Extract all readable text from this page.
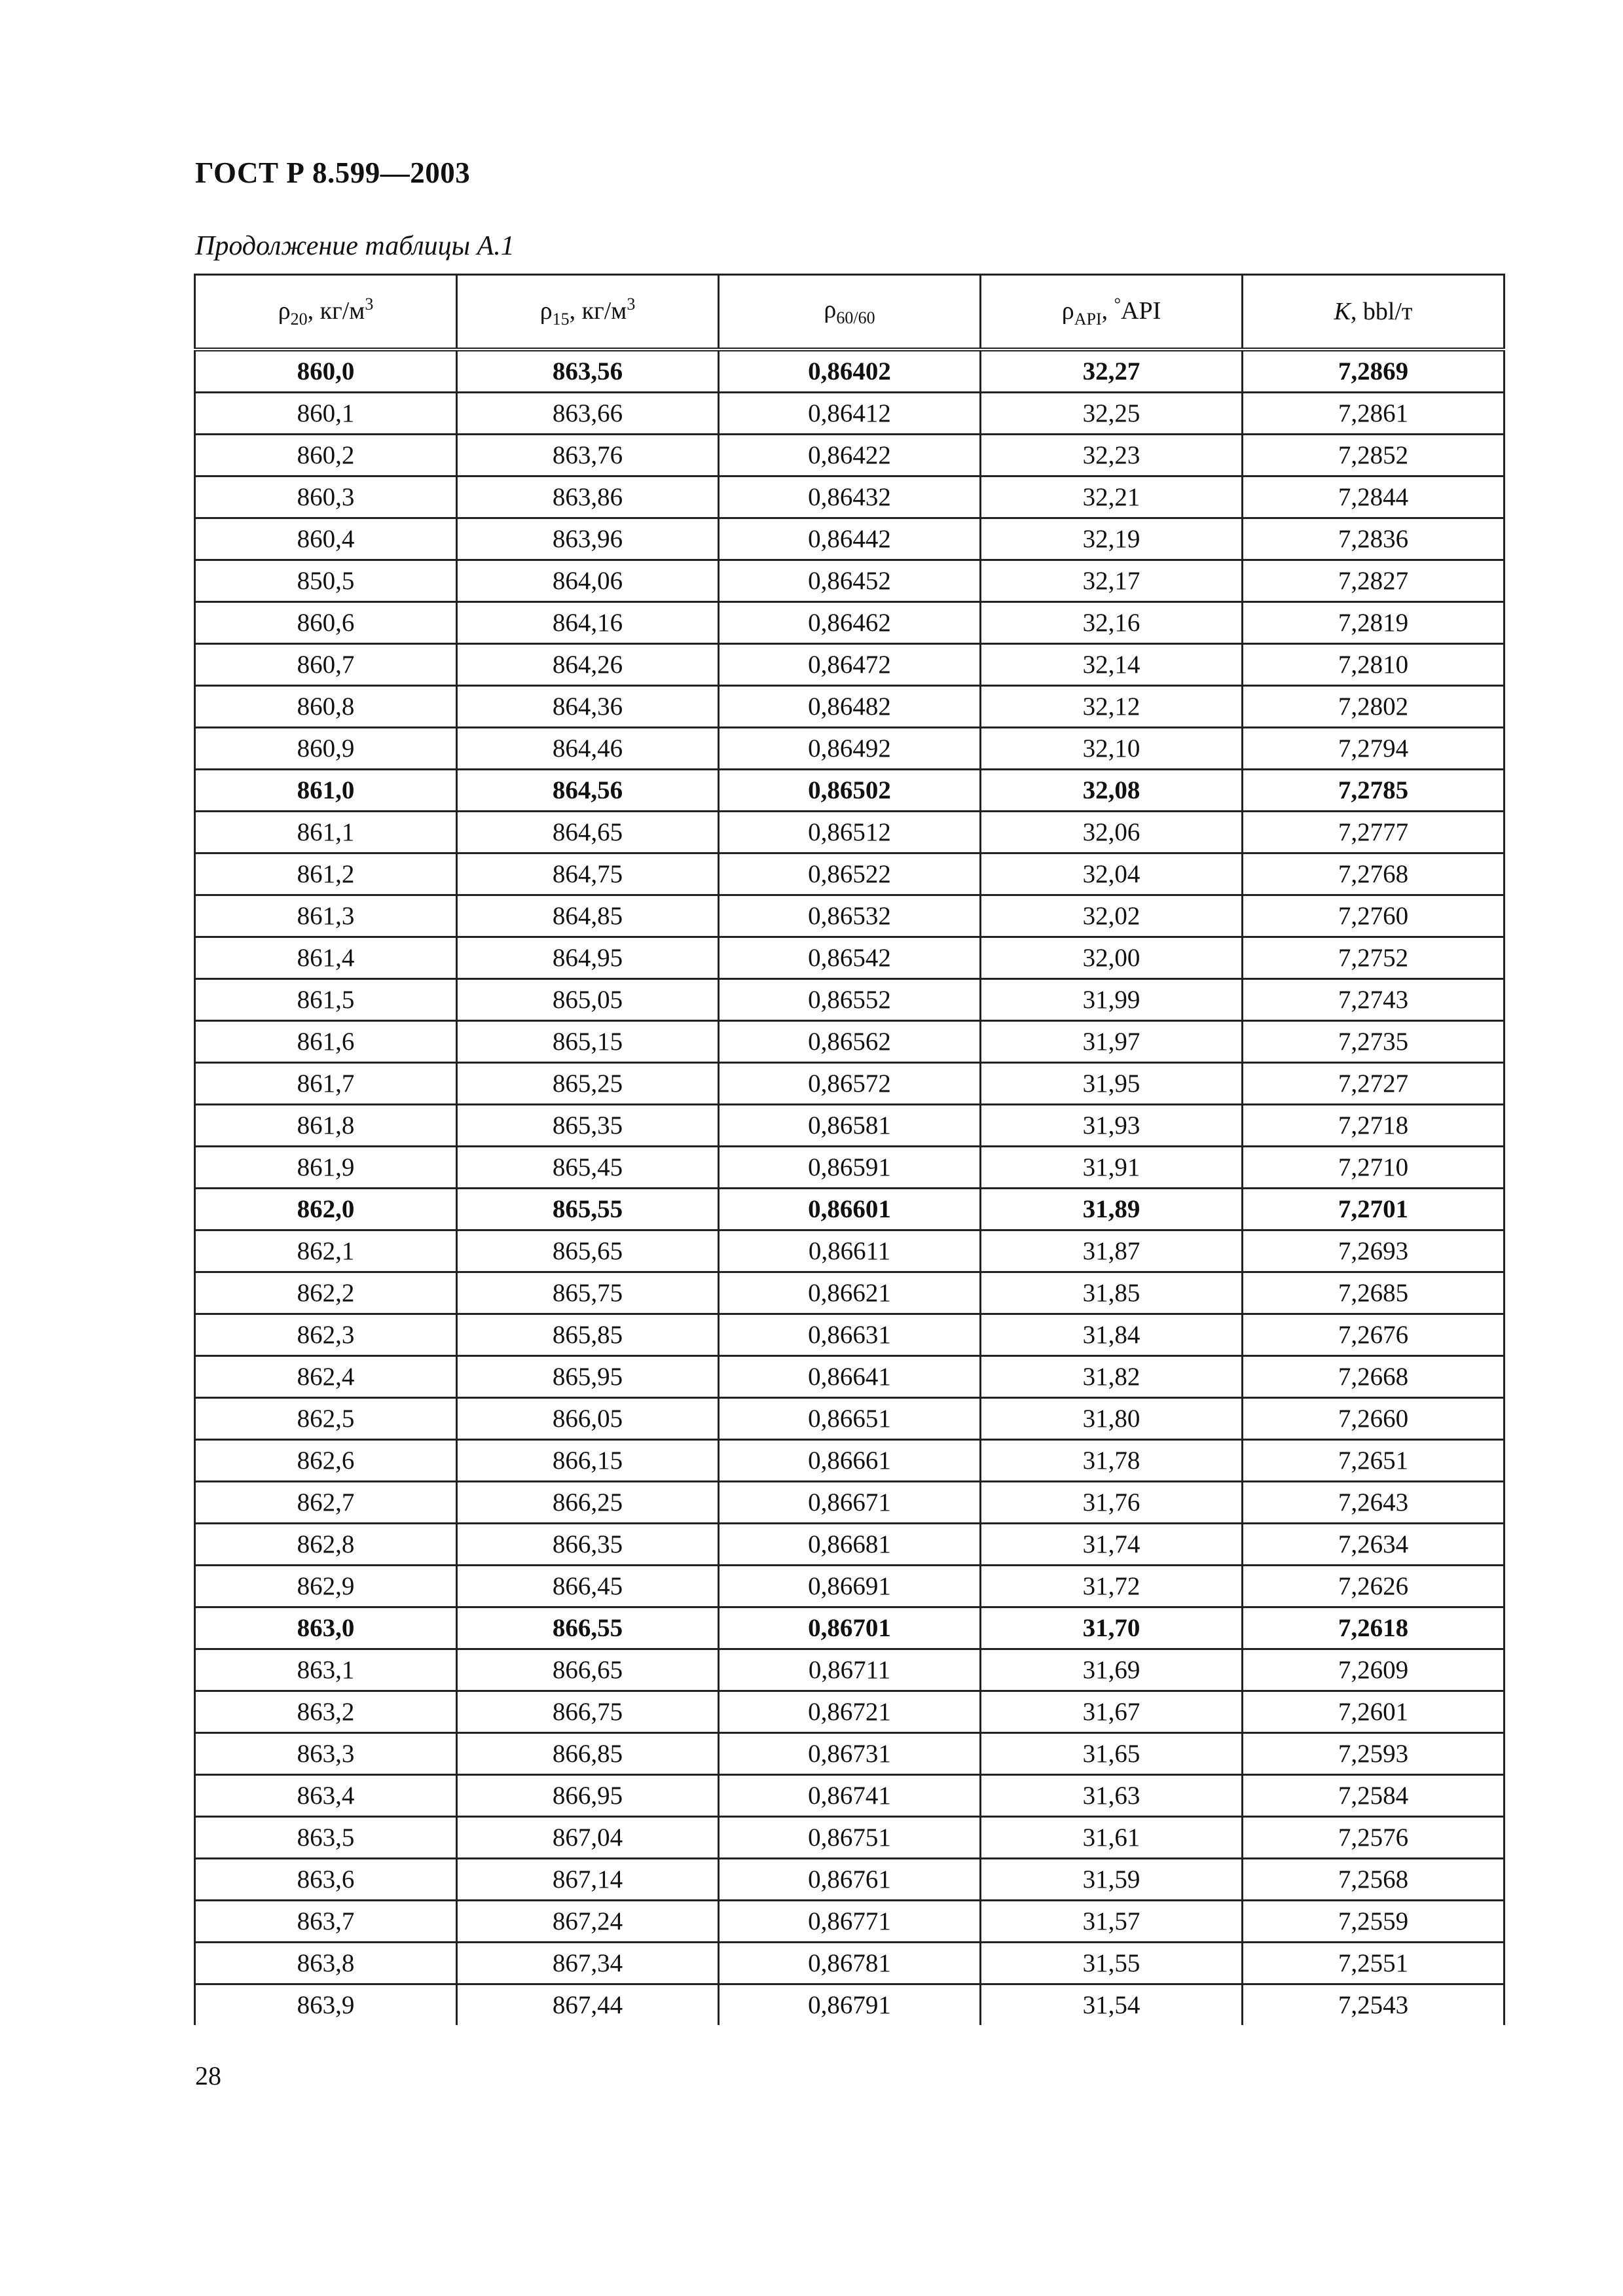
ГОСТ Р 8.599—2003
Продолжение таблицы А.1
$\rho_{20}$, $кг/м^3$	$\rho_{15}$, $кг/м^3$	$\rho_{60/60}$	$\rho_{API}$, °API	K, bbl/т
860,0	863,56	0,86402	32,27	7,2869
860,1	863,66	0,86412	32,25	7,2861
860,2	863,76	0,86422	32,23	7,2852
860,3	863,86	0,86432	32,21	7,2844
860,4	863,96	0,86442	32,19	7,2836
850,5	864,06	0,86452	32,17	7,2827
860,6	864,16	0,86462	32,16	7,2819
860,7	864,26	0,86472	32,14	7,2810
860,8	864,36	0,86482	32,12	7,2802
860,9	864,46	0,86492	32,10	7,2794
861,0	864,56	0,86502	32,08	7,2785
861,1	864,65	0,86512	32,06	7,2777
861,2	864,75	0,86522	32,04	7,2768
861,3	864,85	0,86532	32,02	7,2760
861,4	864,95	0,86542	32,00	7,2752
861,5	865,05	0,86552	31,99	7,2743
861,6	865,15	0,86562	31,97	7,2735
861,7	865,25	0,86572	31,95	7,2727
861,8	865,35	0,86581	31,93	7,2718
861,9	865,45	0,86591	31,91	7,2710
862,0	865,55	0,86601	31,89	7,2701
862,1	865,65	0,86611	31,87	7,2693
862,2	865,75	0,86621	31,85	7,2685
862,3	865,85	0,86631	31,84	7,2676
862,4	865,95	0,86641	31,82	7,2668
862,5	866,05	0,86651	31,80	7,2660
862,6	866,15	0,86661	31,78	7,2651
862,7	866,25	0,86671	31,76	7,2643
862,8	866,35	0,86681	31,74	7,2634
862,9	866,45	0,86691	31,72	7,2626
863,0	866,55	0,86701	31,70	7,2618
863,1	866,65	0,86711	31,69	7,2609
863,2	866,75	0,86721	31,67	7,2601
863,3	866,85	0,86731	31,65	7,2593
863,4	866,95	0,86741	31,63	7,2584
863,5	867,04	0,86751	31,61	7,2576
863,6	867,14	0,86761	31,59	7,2568
863,7	867,24	0,86771	31,57	7,2559
863,8	867,34	0,86781	31,55	7,2551
863,9	867,44	0,86791	31,54	7,2543
28
